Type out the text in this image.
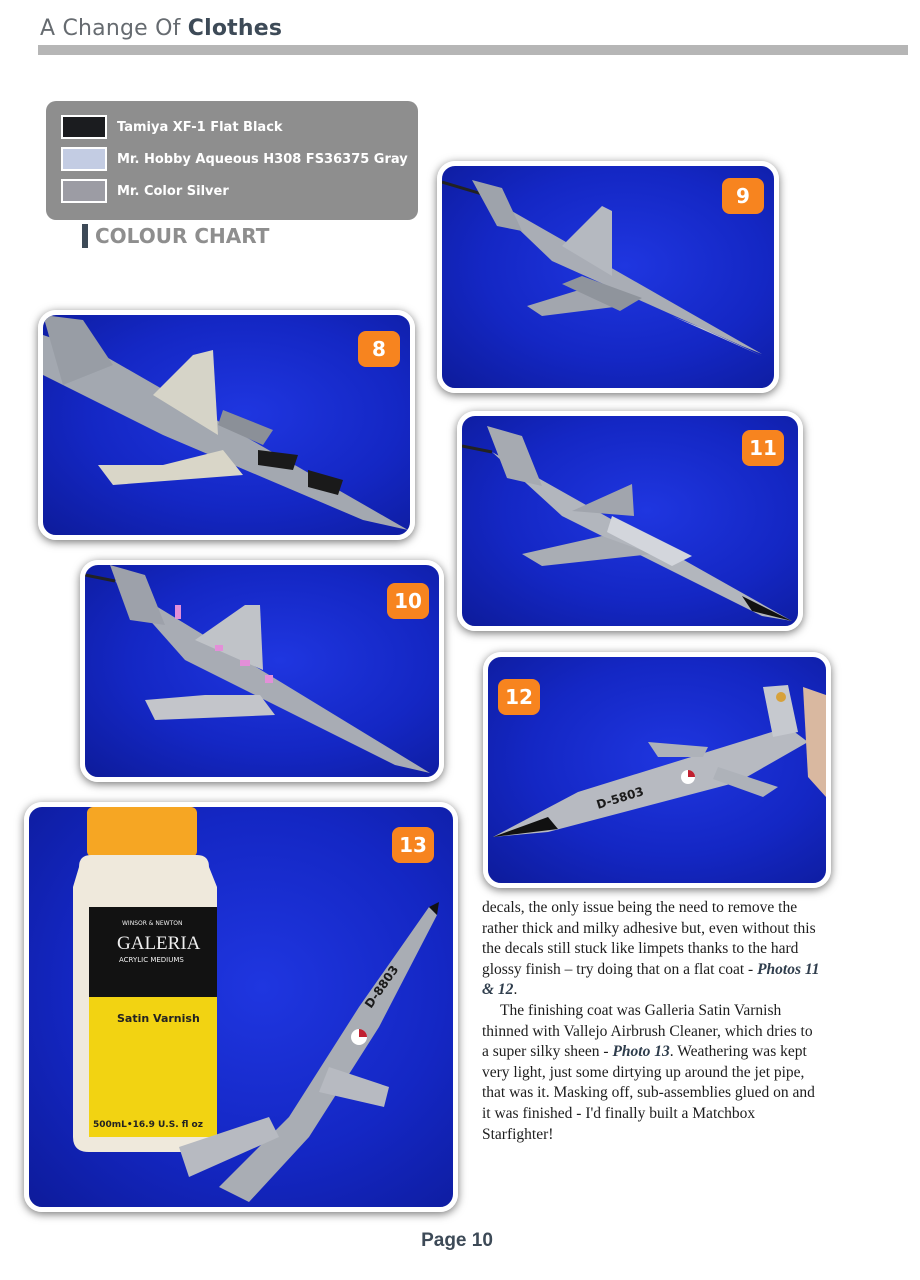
A Change Of Clothes
Tamiya XF-1 Flat Black
Mr. Hobby Aqueous H308 FS36375 Gray
Mr. Color Silver
COLOUR CHART
9
8
11
10
D-5803
12
WINSOR & NEWTON
GALERIA
ACRYLIC MEDIUMS
Satin Varnish
500mL•16.9 U.S. fl oz
D-8803
13

decals, the only issue being the need to remove the rather thick and milky adhesive but, even without this the decals still stuck like limpets thanks to the hard glossy finish – try doing that on a flat coat - Photos 11 & 12.

The finishing coat was Galleria Satin Varnish thinned with Vallejo Airbrush Cleaner, which dries to a super silky sheen - Photo 13. Weathering was kept very light, just some dirtying up around the jet pipe, that was it. Masking off, sub-assemblies glued on and it was finished - I'd finally built a Matchbox Starfighter!

Page 10
